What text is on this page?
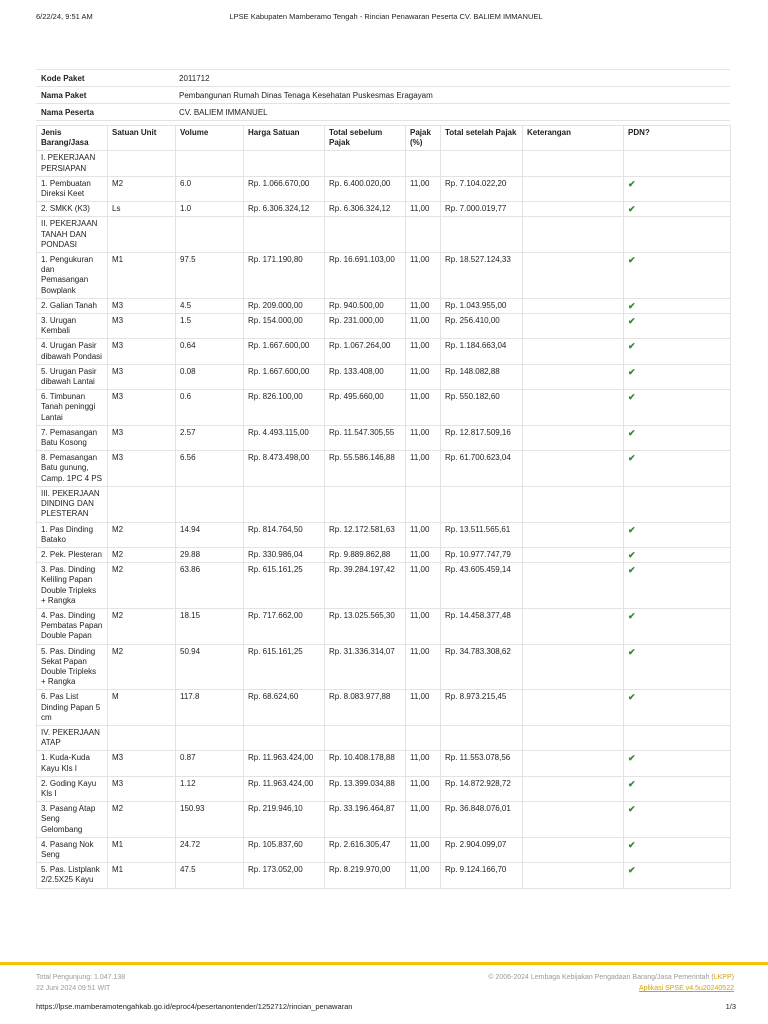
6/22/24, 9:51 AM	LPSE Kabupaten Mamberamo Tengah - Rincian Penawaran Peserta CV. BALIEM IMMANUEL
Kode Paket	2011712
Nama Paket	Pembangunan Rumah Dinas Tenaga Kesehatan Puskesmas Eragayam
Nama Peserta	CV. BALIEM IMMANUEL
Jenis Barang/Jasa	Satuan Unit	Volume	Harga Satuan	Total sebelum Pajak	Pajak (%)	Total setelah Pajak	Keterangan	PDN?
I. PEKERJAAN PERSIAPAN								
1. Pembuatan Direksi Keet	M2	6.0	Rp. 1.066.670,00	Rp. 6.400.020,00	11,00	Rp. 7.104.022,20		✔
2. SMKK (K3)	Ls	1.0	Rp. 6.306.324,12	Rp. 6.306.324,12	11,00	Rp. 7.000.019,77		✔
II. PEKERJAAN TANAH DAN PONDASI								
1. Pengukuran dan Pemasangan Bowplank	M1	97.5	Rp. 171.190,80	Rp. 16.691.103,00	11,00	Rp. 18.527.124,33		✔
2. Galian Tanah	M3	4.5	Rp. 209.000,00	Rp. 940.500,00	11,00	Rp. 1.043.955,00		✔
3. Urugan Kembali	M3	1.5	Rp. 154.000,00	Rp. 231.000,00	11,00	Rp. 256.410,00		✔
4. Urugan Pasir dibawah Pondasi	M3	0.64	Rp. 1.667.600,00	Rp. 1.067.264,00	11,00	Rp. 1.184.663,04		✔
5. Urugan Pasir dibawah Lantai	M3	0.08	Rp. 1.667.600,00	Rp. 133.408,00	11,00	Rp. 148.082,88		✔
6. Timbunan Tanah peninggi Lantai	M3	0.6	Rp. 826.100,00	Rp. 495.660,00	11,00	Rp. 550.182,60		✔
7. Pemasangan Batu Kosong	M3	2.57	Rp. 4.493.115,00	Rp. 11.547.305,55	11,00	Rp. 12.817.509,16		✔
8. Pemasangan Batu gunung, Camp. 1PC 4 PS	M3	6.56	Rp. 8.473.498,00	Rp. 55.586.146,88	11,00	Rp. 61.700.623,04		✔
III. PEKERJAAN DINDING DAN PLESTERAN								
1. Pas Dinding Batako	M2	14.94	Rp. 814.764,50	Rp. 12.172.581,63	11,00	Rp. 13.511.565,61		✔
2. Pek. Plesteran	M2	29.88	Rp. 330.986,04	Rp. 9.889.862,88	11,00	Rp. 10.977.747,79		✔
3. Pas. Dinding Keliling Papan Double Tripleks + Rangka	M2	63.86	Rp. 615.161,25	Rp. 39.284.197,42	11,00	Rp. 43.605.459,14		✔
4. Pas. Dinding Pembatas Papan Double Papan	M2	18.15	Rp. 717.662,00	Rp. 13.025.565,30	11,00	Rp. 14.458.377,48		✔
5. Pas. Dinding Sekat Papan Double Tripleks + Rangka	M2	50.94	Rp. 615.161,25	Rp. 31.336.314,07	11,00	Rp. 34.783.308,62		✔
6. Pas List Dinding Papan 5 cm	M	117.8	Rp. 68.624,60	Rp. 8.083.977,88	11,00	Rp. 8.973.215,45		✔
IV. PEKERJAAN ATAP								
1. Kuda-Kuda Kayu Kls I	M3	0.87	Rp. 11.963.424,00	Rp. 10.408.178,88	11,00	Rp. 11.553.078,56		✔
2. Goding Kayu Kls I	M3	1.12	Rp. 11.963.424,00	Rp. 13.399.034,88	11,00	Rp. 14.872.928,72		✔
3. Pasang Atap Seng Gelombang	M2	150.93	Rp. 219.946,10	Rp. 33.196.464,87	11,00	Rp. 36.848.076,01		✔
4. Pasang Nok Seng	M1	24.72	Rp. 105.837,60	Rp. 2.616.305,47	11,00	Rp. 2.904.099,07		✔
5. Pas. Listplank 2/2.5X25 Kayu	M1	47.5	Rp. 173.052,00	Rp. 8.219.970,00	11,00	Rp. 9.124.166,70		✔
Total Pengunjung: 1.047.138
22 Juni 2024 09:51 WIT
© 2006-2024 Lembaga Kebijakan Pengadaan Barang/Jasa Pemerintah (LKPP)
Aplikasi SPSE v4.5u20240522
https://lpse.mamberamotengahkab.go.id/eproc4/pesertanontender/1252712/rincian_penawaran	1/3
